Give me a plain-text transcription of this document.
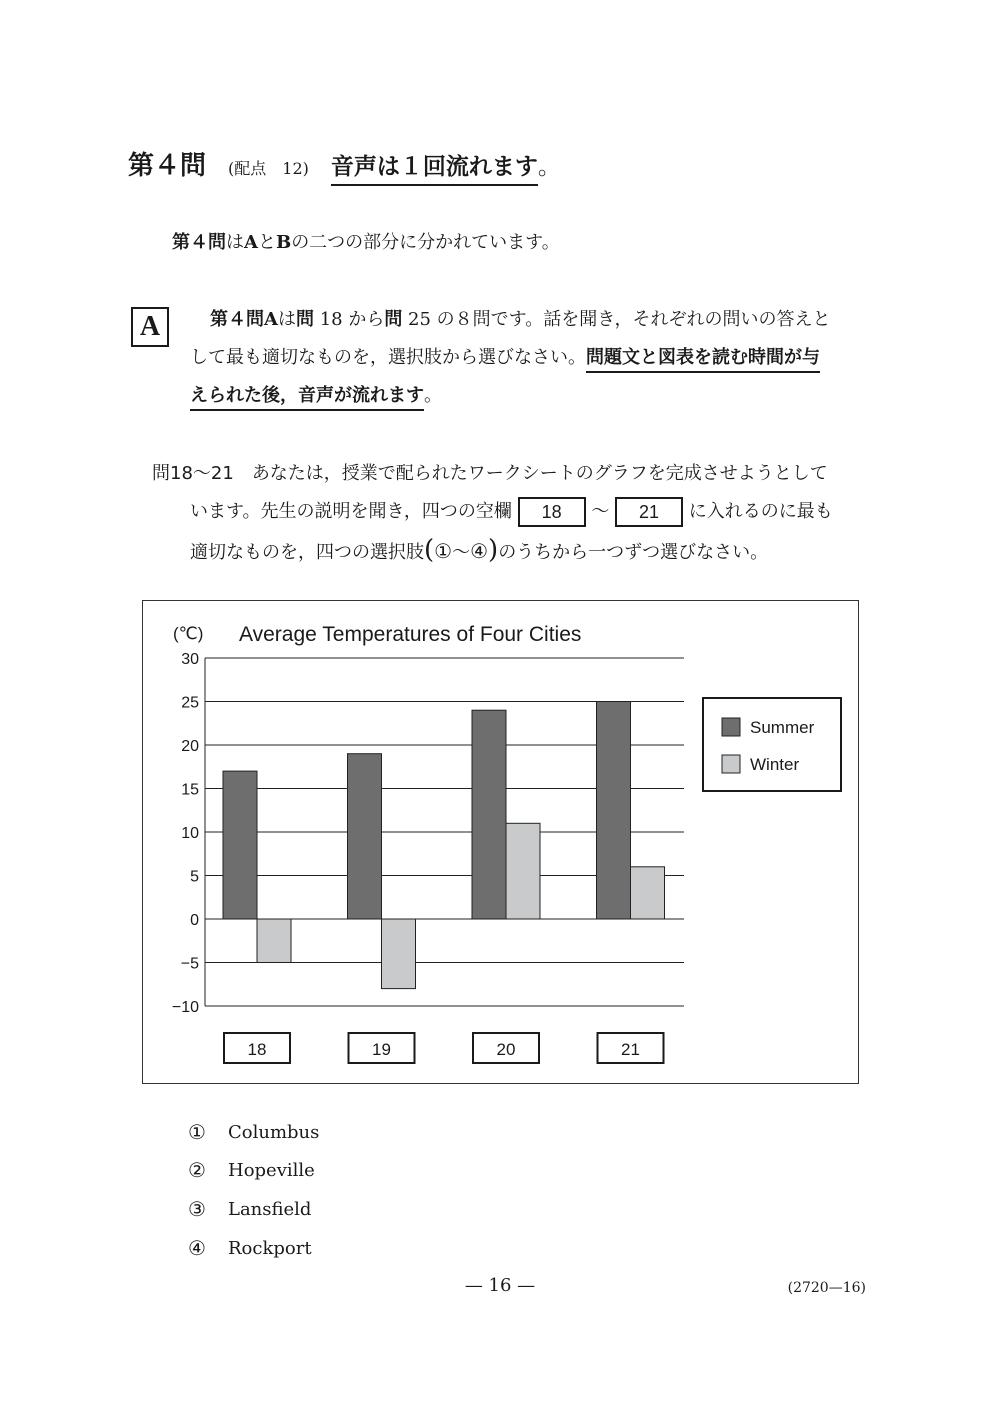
第４問 (配点　12) 音声は１回流れます 。
第４問はAとBの二つの部分に分かれています。
A	第４問Aは問 18 から問 25 の８問です。話を聞き，それぞれの問いの答えと
して最も適切なものを，選択肢から選びなさい。問題文と図表を読む時間が与
えられた後，音声が流れます。
問18～21 あなたは，授業で配られたワークシートのグラフを完成させようとして
います。先生の説明を聞き，四つの空欄 18 ～ 21 に入れるのに最も
適切なものを，四つの選択肢(①～④)のうちから一つずつ選びなさい。
(℃) Average Temperatures of Four Cities
30
25
20
15
10
5
0
−5
−10
18	19	20	21
Summer
Winter
①	Columbus
②	Hopeville
③	Lansfield
④	Rockport
— 16 —	(2720—16)
